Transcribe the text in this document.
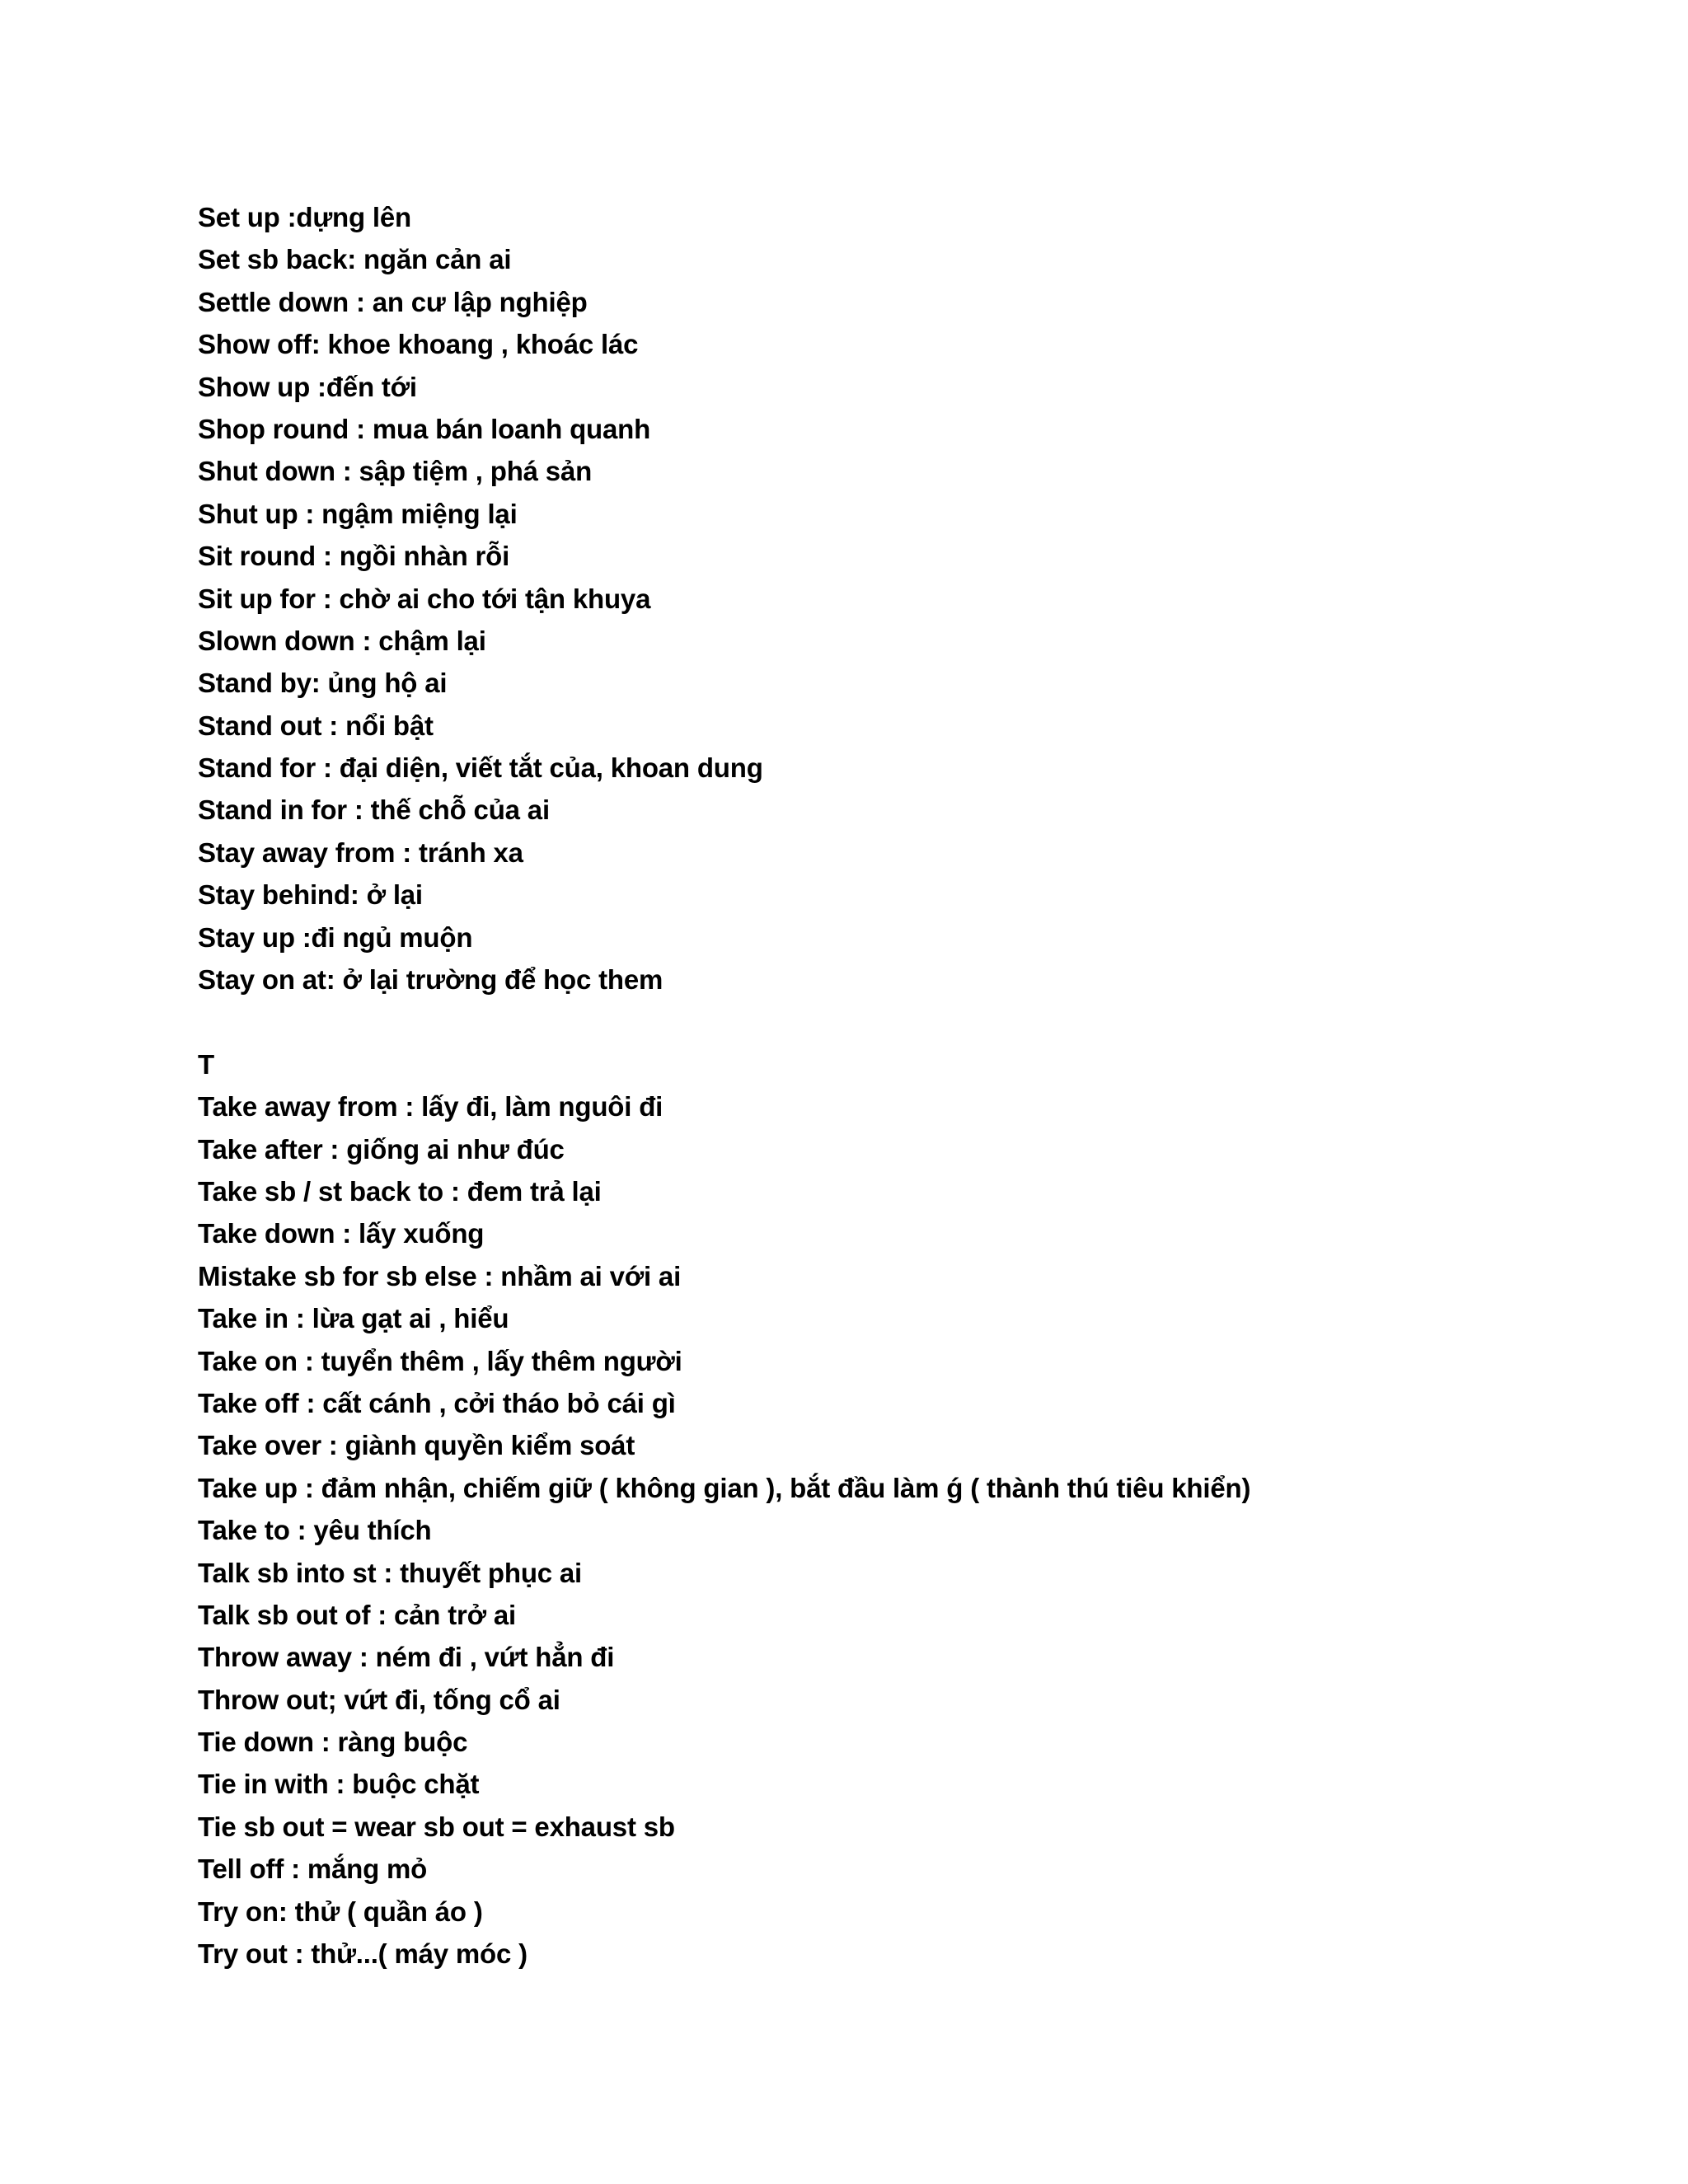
Set up :dựng lên
Set sb back: ngăn cản ai
Settle down : an cư lập nghiệp
Show off: khoe khoang , khoác lác
Show up :đến tới
Shop round : mua bán loanh quanh
Shut down : sập tiệm , phá sản
Shut up : ngậm miệng lại
Sit round : ngồi nhàn rỗi
Sit up for : chờ ai cho tới tận khuya
Slown down : chậm lại
Stand by: ủng hộ ai
Stand out : nổi bật
Stand for : đại diện, viết tắt của, khoan dung
Stand in for : thế chỗ của ai
Stay away from : tránh xa
Stay behind: ở lại
Stay up :đi ngủ muộn
Stay on at: ở lại trường để học them
T
Take away from : lấy đi, làm nguôi đi
Take after : giống ai như đúc
Take sb / st back to : đem trả lại
Take down : lấy xuống
Mistake sb for sb else : nhầm ai với ai
Take in : lừa gạt ai , hiểu
Take on : tuyển thêm , lấy thêm người
Take off : cất cánh , cởi tháo bỏ cái gì
Take over : giành quyền kiểm soát
Take up : đảm nhận, chiếm giữ ( không gian ), bắt đầu làm ǵ ( thành thú tiêu khiển)
Take to : yêu thích
Talk sb into st : thuyết phục ai
Talk sb out of : cản trở ai
Throw away : ném đi , vứt hẳn đi
Throw out; vứt đi, tống cổ ai
Tie down : ràng buộc
Tie in with : buộc chặt
Tie sb out = wear sb out = exhaust sb
Tell off : mắng mỏ
Try on: thử ( quần áo )
Try out : thử...( máy móc )
